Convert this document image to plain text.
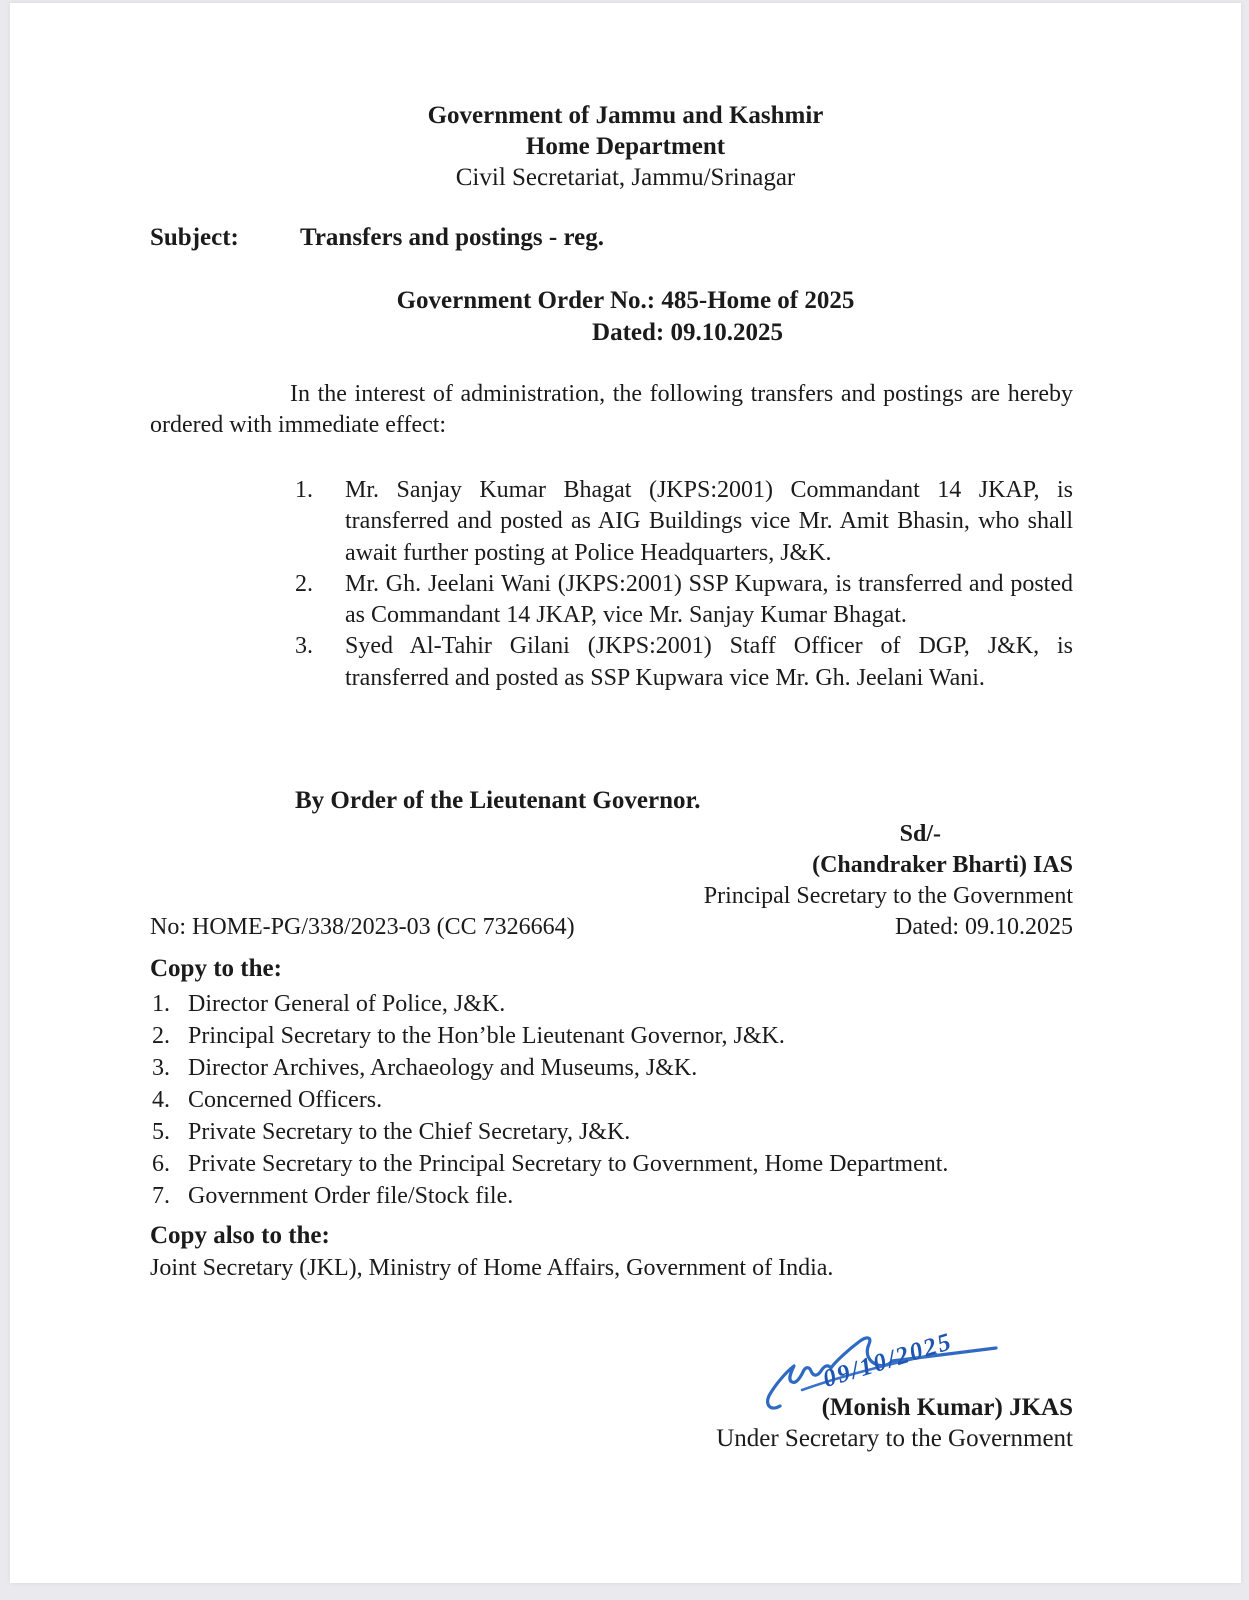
Government of Jammu and Kashmir
Home Department
Civil Secretariat, Jammu/Srinagar
Subject:	Transfers and postings - reg.
Government Order No.: 485-Home of 2025
Dated: 09.10.2025
In the interest of administration, the following transfers and postings are hereby ordered with immediate effect:
1.	Mr. Sanjay Kumar Bhagat (JKPS:2001) Commandant 14 JKAP, is transferred and posted as AIG Buildings vice Mr. Amit Bhasin, who shall await further posting at Police Headquarters, J&K.
2.	Mr. Gh. Jeelani Wani (JKPS:2001) SSP Kupwara, is transferred and posted as Commandant 14 JKAP, vice Mr. Sanjay Kumar Bhagat.
3.	Syed Al-Tahir Gilani (JKPS:2001) Staff Officer of DGP, J&K, is transferred and posted as SSP Kupwara vice Mr. Gh. Jeelani Wani.
By Order of the Lieutenant Governor.
Sd/-
(Chandraker Bharti) IAS
Principal Secretary to the Government
No: HOME-PG/338/2023-03 (CC 7326664)	Dated: 09.10.2025
Copy to the:
1. Director General of Police, J&K.
2. Principal Secretary to the Hon’ble Lieutenant Governor, J&K.
3. Director Archives, Archaeology and Museums, J&K.
4. Concerned Officers.
5. Private Secretary to the Chief Secretary, J&K.
6. Private Secretary to the Principal Secretary to Government, Home Department.
7. Government Order file/Stock file.
Copy also to the:
Joint Secretary (JKL), Ministry of Home Affairs, Government of India.
09/10/2025
(Monish Kumar) JKAS
Under Secretary to the Government
